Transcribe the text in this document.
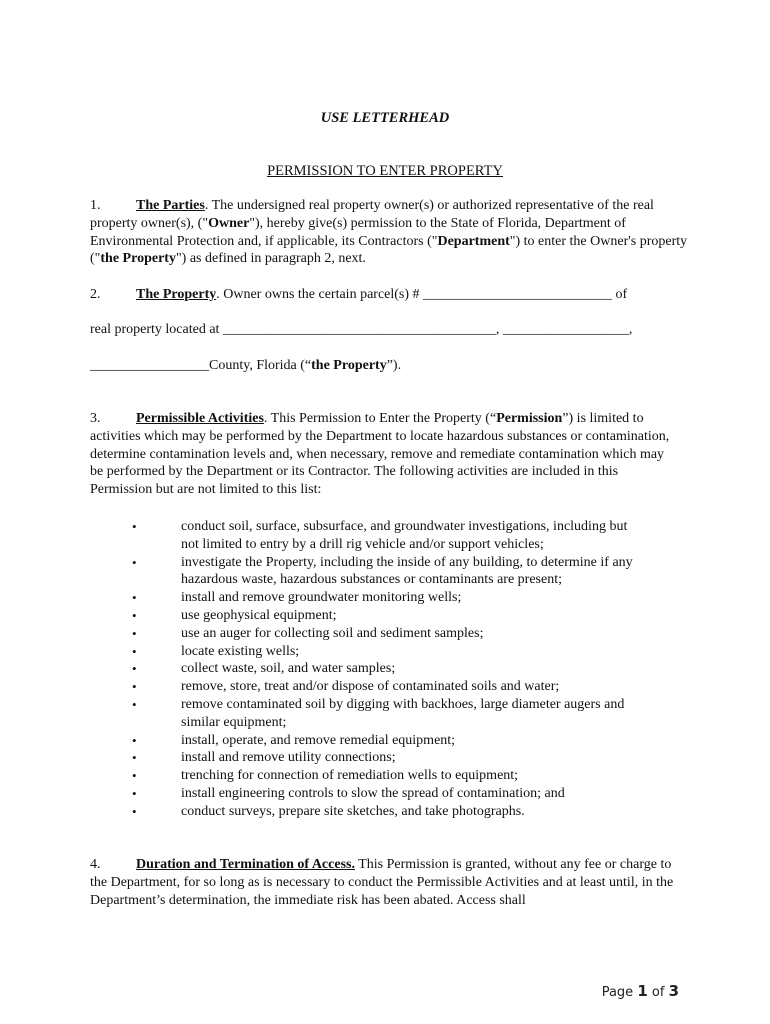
USE LETTERHEAD
PERMISSION TO ENTER PROPERTY
1.	The Parties. The undersigned real property owner(s) or authorized representative of the real property owner(s), ("Owner"), hereby give(s) permission to the State of Florida, Department of Environmental Protection and, if applicable, its Contractors ("Department") to enter the Owner's property ("the Property") as defined in paragraph 2, next.
2.	The Property. Owner owns the certain parcel(s) # ___________________________ of
real property located at _______________________________________, __________________,
_________________County, Florida (“the Property”).
3.	Permissible Activities. This Permission to Enter the Property (“Permission”) is limited to activities which may be performed by the Department to locate hazardous substances or contamination, determine contamination levels and, when necessary, remove and remediate contamination which may be performed by the Department or its Contractor. The following activities are included in this Permission but are not limited to this list:
•	conduct soil, surface, subsurface, and groundwater investigations, including but not limited to entry by a drill rig vehicle and/or support vehicles;
•	investigate the Property, including the inside of any building, to determine if any hazardous waste, hazardous substances or contaminants are present;
•	install and remove groundwater monitoring wells;
•	use geophysical equipment;
•	use an auger for collecting soil and sediment samples;
•	locate existing wells;
•	collect waste, soil, and water samples;
•	remove, store, treat and/or dispose of contaminated soils and water;
•	remove contaminated soil by digging with backhoes, large diameter augers and similar equipment;
•	install, operate, and remove remedial equipment;
•	install and remove utility connections;
•	trenching for connection of remediation wells to equipment;
•	install engineering controls to slow the spread of contamination; and
•	conduct surveys, prepare site sketches, and take photographs.
4.	Duration and Termination of Access. This Permission is granted, without any fee or charge to the Department, for so long as is necessary to conduct the Permissible Activities and at least until, in the Department’s determination, the immediate risk has been abated. Access shall
Page 1 of 3
